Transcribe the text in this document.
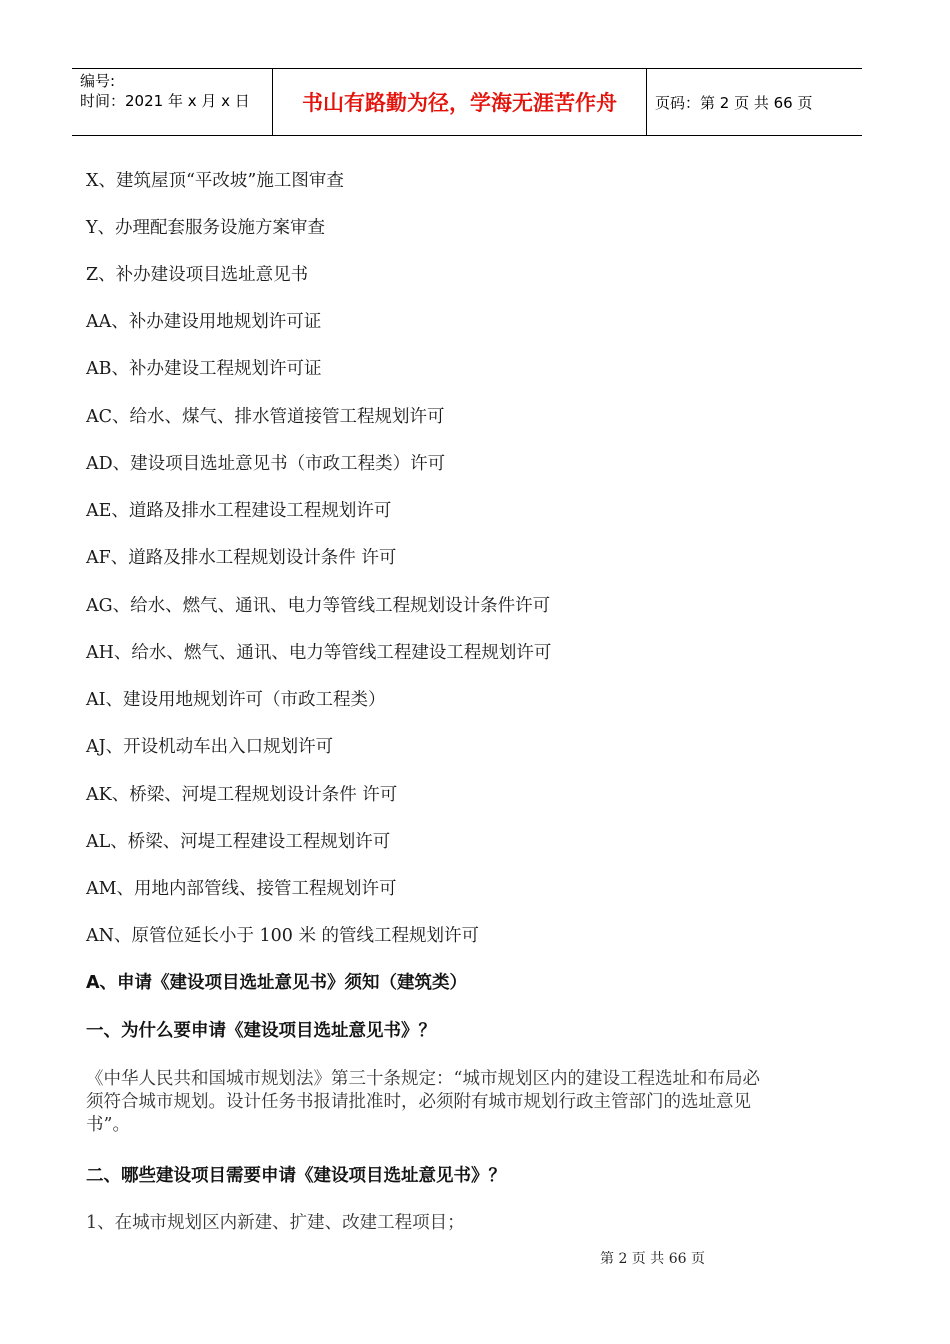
编号:
时间：2021 年 x 月 x 日	书山有路勤为径，学海无涯苦作舟	页码：第 2 页 共 66 页
X、建筑屋顶“平改坡”施工图审查
Y、办理配套服务设施方案审查
Z、补办建设项目选址意见书
AA、补办建设用地规划许可证
AB、补办建设工程规划许可证
AC、给水、煤气、排水管道接管工程规划许可
AD、建设项目选址意见书（市政工程类）许可
AE、道路及排水工程建设工程规划许可
AF、道路及排水工程规划设计条件 许可
AG、给水、燃气、通讯、电力等管线工程规划设计条件许可
AH、给水、燃气、通讯、电力等管线工程建设工程规划许可
AI、建设用地规划许可（市政工程类）
AJ、开设机动车出入口规划许可
AK、桥梁、河堤工程规划设计条件 许可
AL、桥梁、河堤工程建设工程规划许可
AM、用地内部管线、接管工程规划许可
AN、原管位延长小于 100 米 的管线工程规划许可
A、申请《建设项目选址意见书》须知（建筑类）
一、为什么要申请《建设项目选址意见书》？
《中华人民共和国城市规划法》第三十条规定：“城市规划区内的建设工程选址和布局必
须符合城市规划。设计任务书报请批准时，必须附有城市规划行政主管部门的选址意见
书”。
二、哪些建设项目需要申请《建设项目选址意见书》？
1、在城市规划区内新建、扩建、改建工程项目；
第 2 页 共 66 页
